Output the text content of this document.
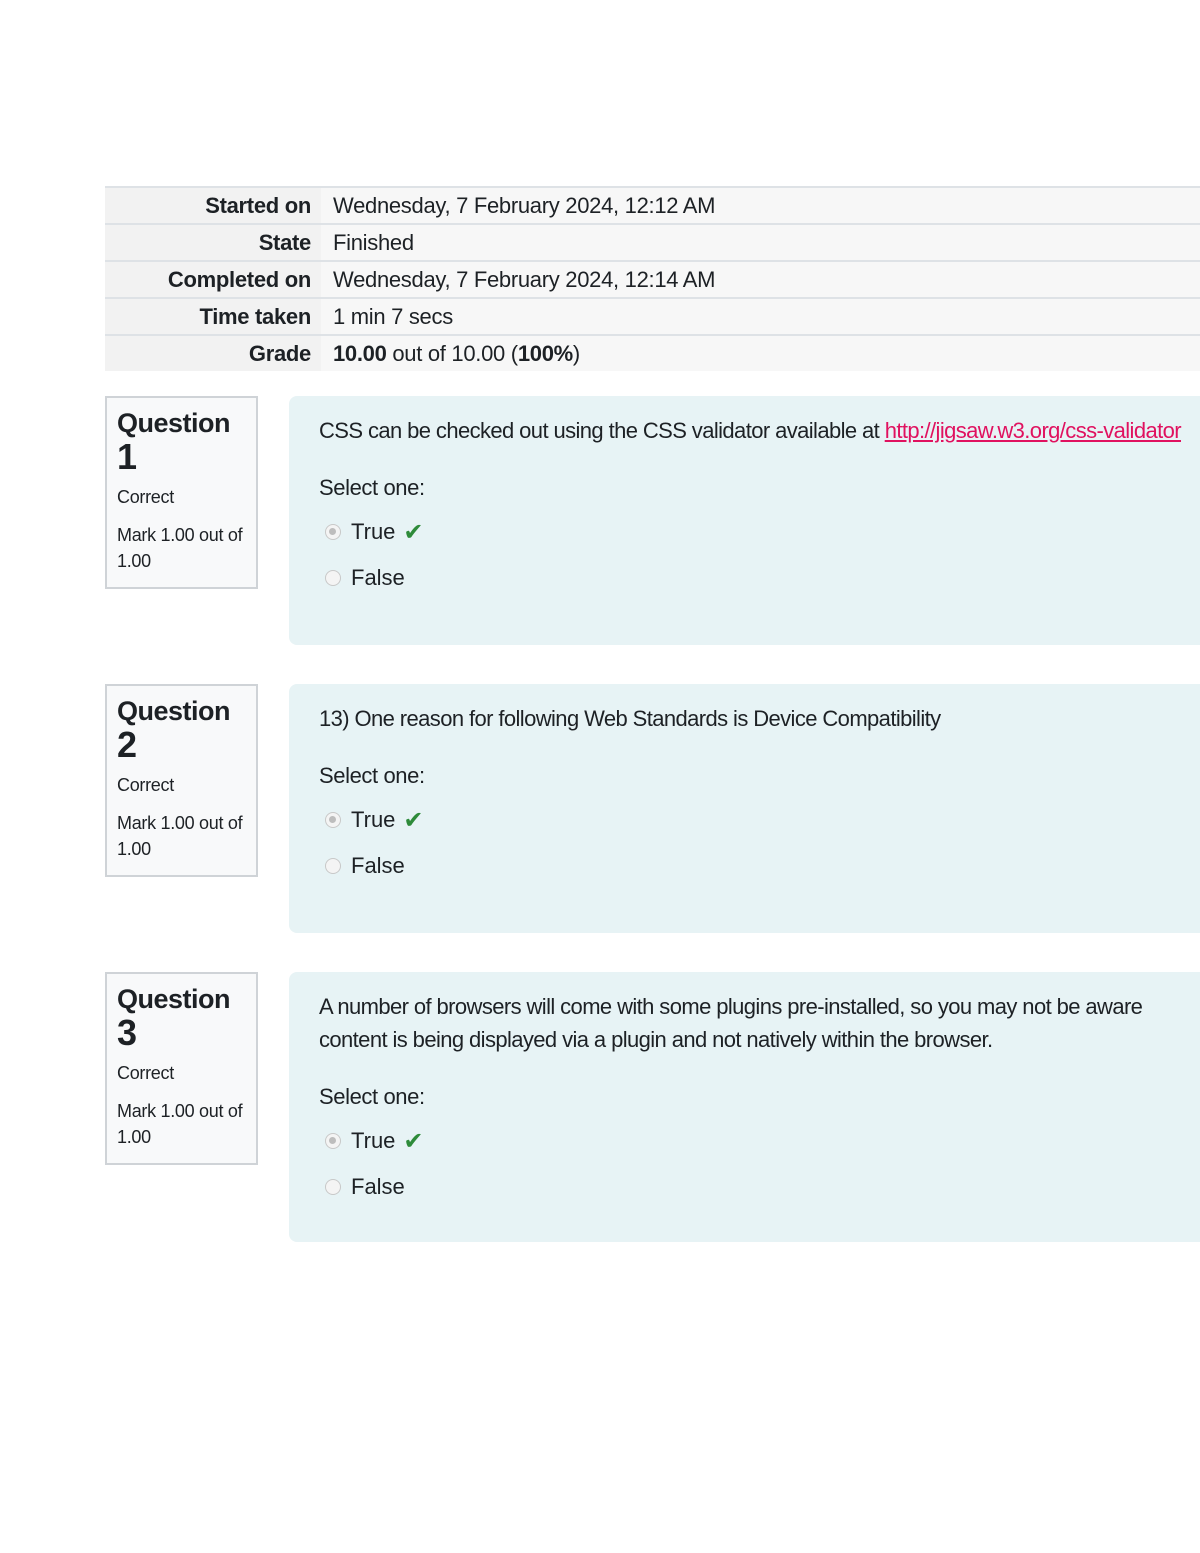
Started on	Wednesday, 7 February 2024, 12:12 AM
State	Finished
Completed on	Wednesday, 7 February 2024, 12:14 AM
Time taken	1 min 7 secs
Grade	10.00 out of 10.00 (100%)
Question
1
Correct
Mark 1.00 out of 1.00
CSS can be checked out using the CSS validator available at http://jigsaw.w3.org/css-validator
Select one:
True ✔
False
Question
2
Correct
Mark 1.00 out of 1.00
13) One reason for following Web Standards is Device Compatibility
Select one:
True ✔
False
Question
3
Correct
Mark 1.00 out of 1.00
A number of browsers will come with some plugins pre-installed, so you may not be aware
content is being displayed via a plugin and not natively within the browser.
Select one:
True ✔
False
